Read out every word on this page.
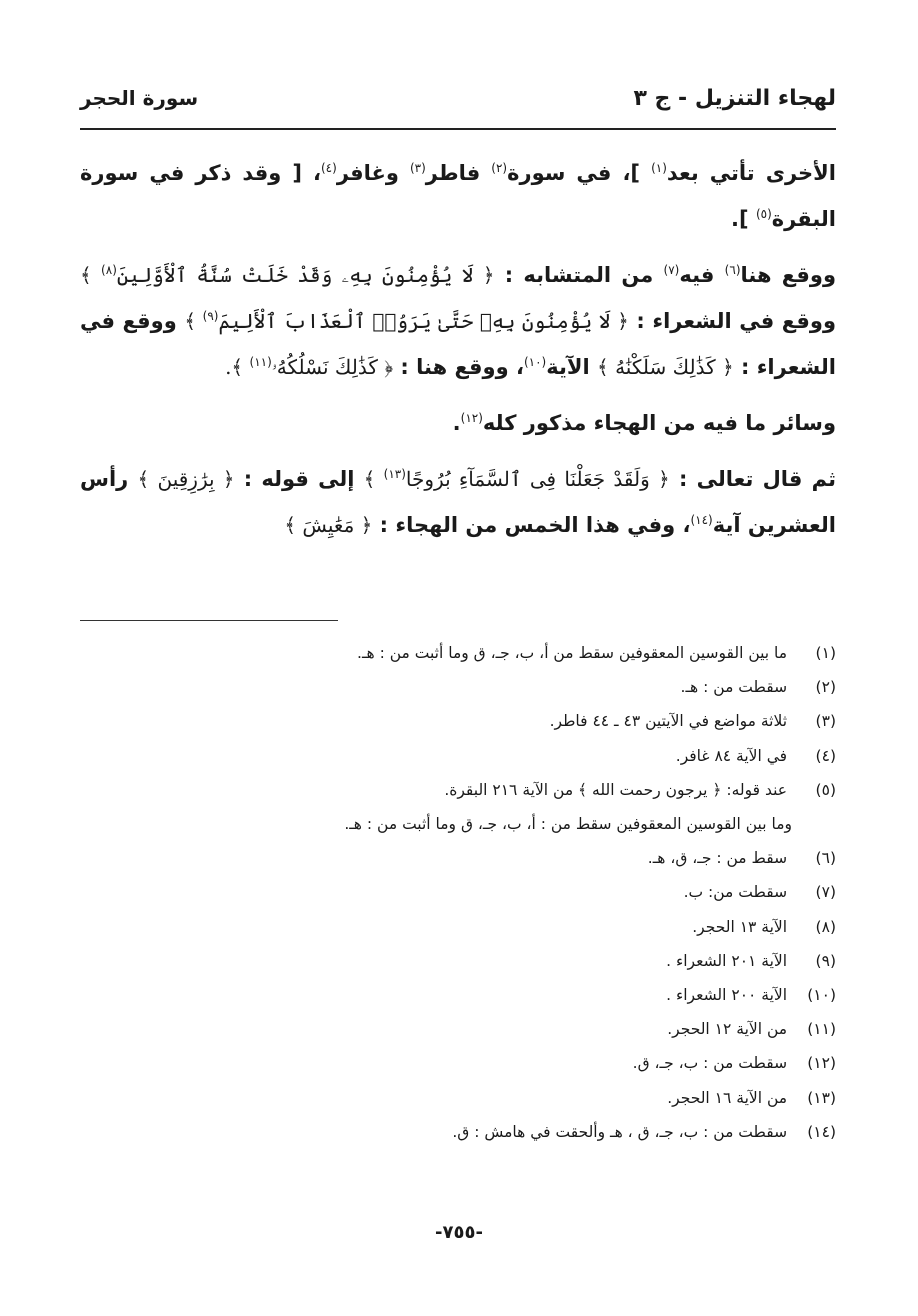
لهجاء التنزيل - ج ٣
سورة الحجر

الأخرى تأتي بعد$^{(١)}$ ]، في سورة$^{(٢)}$ فاطر$^{(٣)}$ وغافر$^{(٤)}$، [ وقد ذكر في سورة البقرة$^{(٥)}$ ].

ووقع هنا$^{(٦)}$ فيه$^{(٧)}$ من المتشابه : ﴿ لَا يُؤْمِنُونَ بِهِۦ وَقَدْ خَلَتْ سُنَّةُ ٱلْأَوَّلِينَ$^{(٨)}$ ﴾ ووقع في الشعراء : ﴿ لَا يُؤْمِنُونَ بِهِۦ حَتَّىٰ يَرَوُا۟ ٱلْعَذَابَ ٱلْأَلِيمَ$^{(٩)}$ ﴾ ووقع في الشعراء : ﴿ كَذَٰلِكَ سَلَكْنَٰهُ ﴾ الآية$^{(١٠)}$، ووقع هنا : ﴿ كَذَٰلِكَ نَسْلُكُهُۥ$^{(١١)}$ ﴾.

وسائر ما فيه من الهجاء مذكور كله$^{(١٢)}$.

ثم قال تعالى : ﴿ وَلَقَدْ جَعَلْنَا فِى ٱلسَّمَآءِ بُرُوجًا$^{(١٣)}$ ﴾ إلى قوله : ﴿ بِرَٰزِقِينَ ﴾ رأس العشرين آية$^{(١٤)}$، وفي هذا الخمس من الهجاء : ﴿ مَعَٰيِشَ ﴾

(١) ما بين القوسين المعقوفين سقط من أ، ب، جـ، ق وما أثبت من : هـ.
(٢) سقطت من : هـ.
(٣) ثلاثة مواضع في الآيتين ٤٣ ـ ٤٤ فاطر.
(٤) في الآية ٨٤ غافر.
(٥) عند قوله: ﴿ يرجون رحمت الله ﴾ من الآية ٢١٦ البقرة.
وما بين القوسين المعقوفين سقط من : أ، ب، جـ، ق وما أثبت من : هـ.
(٦) سقط من : جـ، ق، هـ.
(٧) سقطت من: ب.
(٨) الآية ١٣ الحجر.
(٩) الآية ٢٠١ الشعراء .
(١٠) الآية ٢٠٠ الشعراء .
(١١) من الآية ١٢ الحجر.
(١٢) سقطت من : ب، جـ، ق.
(١٣) من الآية ١٦ الحجر.
(١٤) سقطت من : ب، جـ، ق ، هـ وألحقت في هامش : ق.
-٧٥٥-
